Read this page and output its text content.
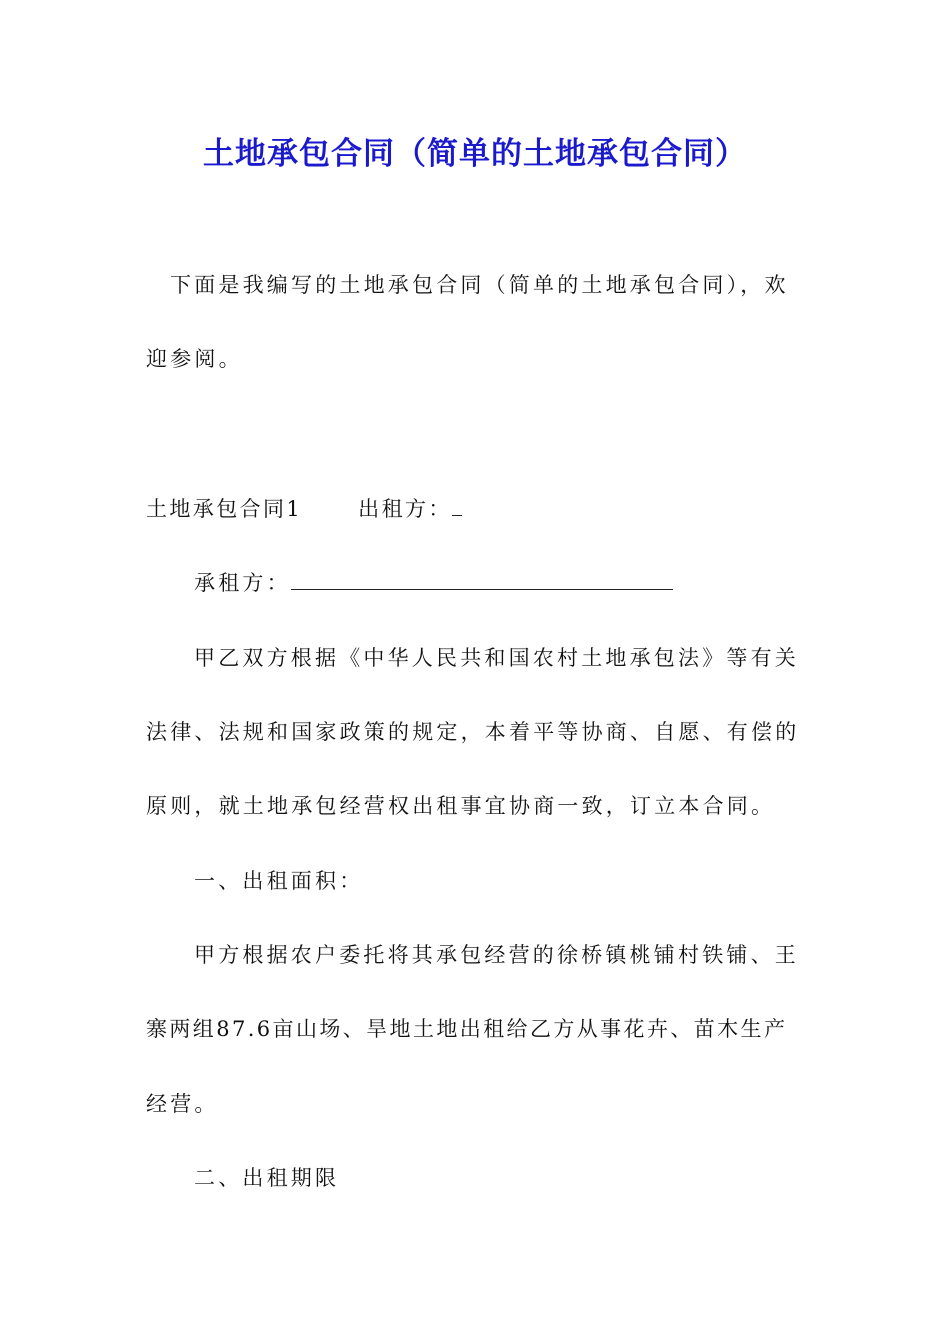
土地承包合同（简单的土地承包合同）
下面是我编写的土地承包合同（简单的土地承包合同），欢
迎参阅。
土地承包合同1	出租方：
承租方：
甲乙双方根据《中华人民共和国农村土地承包法》等有关
法律、法规和国家政策的规定，本着平等协商、自愿、有偿的
原则，就土地承包经营权出租事宜协商一致，订立本合同。
一、出租面积：
甲方根据农户委托将其承包经营的徐桥镇桃铺村铁铺、王
寨两组87.6亩山场、旱地土地出租给乙方从事花卉、苗木生产
经营。
二、出租期限
